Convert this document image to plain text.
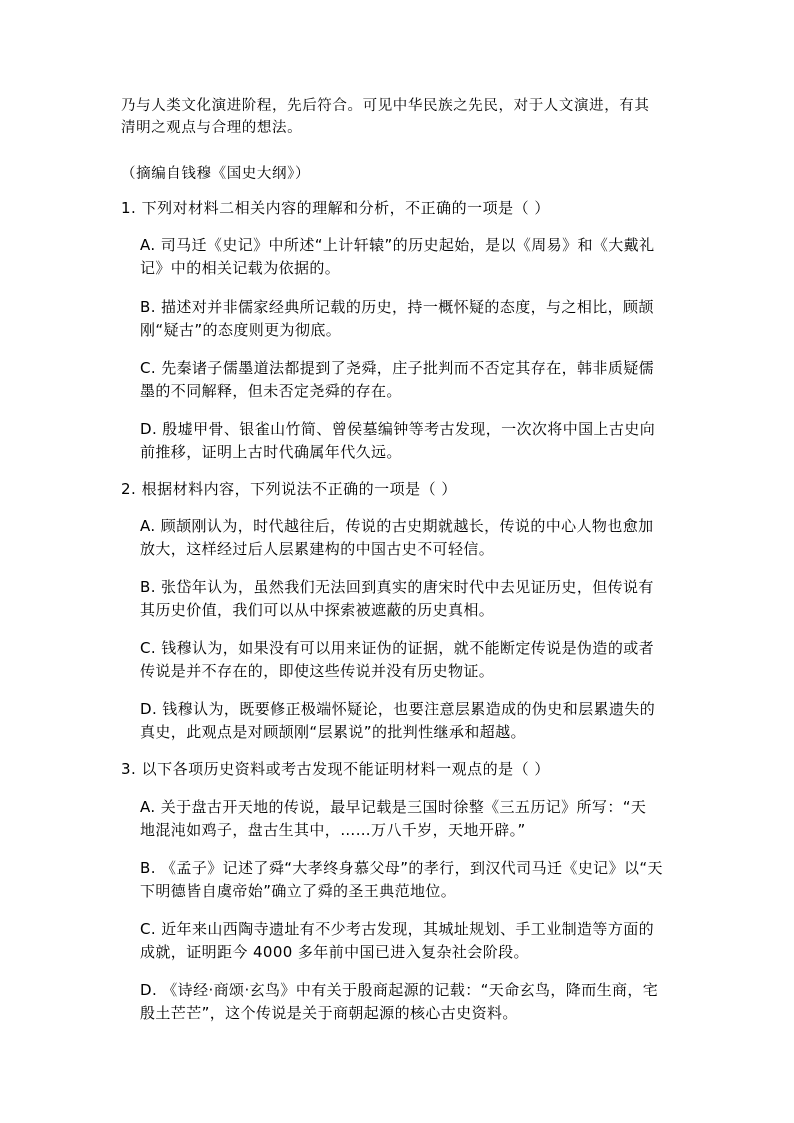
乃与人类文化演进阶程，先后符合。可见中华民族之先民，对于人文演进，有其

清明之观点与合理的想法。

（摘编自钱穆《国史大纲》）
1. 下列对材料二相关内容的理解和分析，不正确的一项是（ ）
A. 司马迁《史记》中所述“上计轩辕”的历史起始，是以《周易》和《大戴礼
记》中的相关记载为依据的。
B. 描述对并非儒家经典所记载的历史，持一概怀疑的态度，与之相比，顾颉
刚“疑古”的态度则更为彻底。
C. 先秦诸子儒墨道法都提到了尧舜，庄子批判而不否定其存在，韩非质疑儒
墨的不同解释，但未否定尧舜的存在。
D. 殷墟甲骨、银雀山竹简、曾侯墓编钟等考古发现，一次次将中国上古史向
前推移，证明上古时代确属年代久远。
2. 根据材料内容，下列说法不正确的一项是（ ）
A. 顾颉刚认为，时代越往后，传说的古史期就越长，传说的中心人物也愈加
放大，这样经过后人层累建构的中国古史不可轻信。
B. 张岱年认为，虽然我们无法回到真实的唐宋时代中去见证历史，但传说有
其历史价值，我们可以从中探索被遮蔽的历史真相。
C. 钱穆认为，如果没有可以用来证伪的证据，就不能断定传说是伪造的或者
传说是并不存在的，即使这些传说并没有历史物证。
D. 钱穆认为，既要修正极端怀疑论，也要注意层累造成的伪史和层累遗失的
真史，此观点是对顾颉刚“层累说”的批判性继承和超越。
3. 以下各项历史资料或考古发现不能证明材料一观点的是（ ）
A. 关于盘古开天地的传说，最早记载是三国时徐整《三五历记》所写：“天
地混沌如鸡子，盘古生其中，……万八千岁，天地开辟。”
B. 《孟子》记述了舜“大孝终身慕父母”的孝行，到汉代司马迁《史记》以“天
下明德皆自虞帝始”确立了舜的圣王典范地位。
C. 近年来山西陶寺遗址有不少考古发现，其城址规划、手工业制造等方面的
成就，证明距今 4000 多年前中国已进入复杂社会阶段。
D. 《诗经·商颂·玄鸟》中有关于殷商起源的记载：“天命玄鸟，降而生商，宅
殷土芒芒”，这个传说是关于商朝起源的核心古史资料。
